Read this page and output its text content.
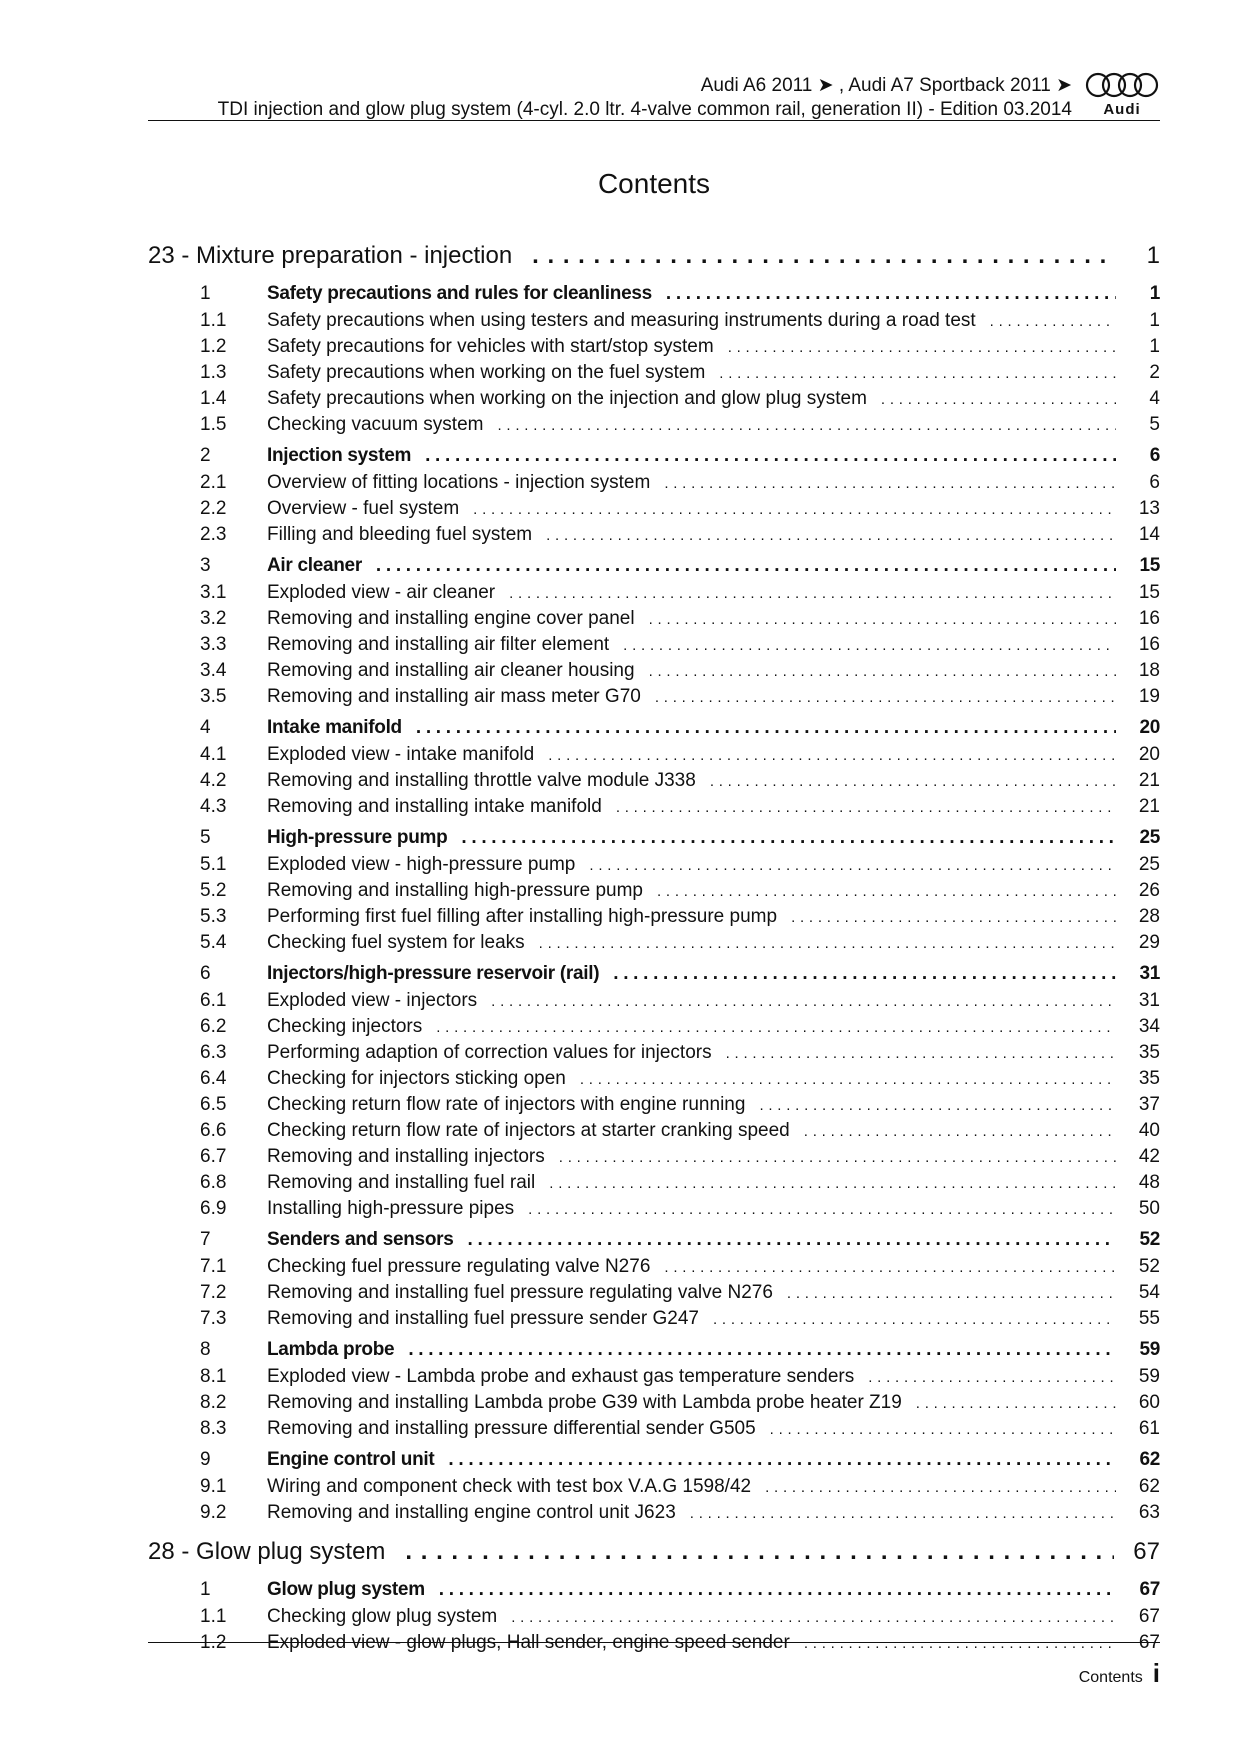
Audi A6 2011 ➤ , Audi A7 Sportback 2011 ➤
TDI injection and glow plug system (4-cyl. 2.0 ltr. 4-valve common rail, generation II) - Edition 03.2014	Audi
Contents
23 - Mixture preparation - injection . . .	1
1	Safety precautions and rules for cleanliness . . .	1
1.1	Safety precautions when using testers and measuring instruments during a road test . . .	1
1.2	Safety precautions for vehicles with start/stop system . . .	1
1.3	Safety precautions when working on the fuel system . . .	2
1.4	Safety precautions when working on the injection and glow plug system . . .	4
1.5	Checking vacuum system . . .	5
2	Injection system . . .	6
2.1	Overview of fitting locations - injection system . . .	6
2.2	Overview - fuel system . . .	13
2.3	Filling and bleeding fuel system . . .	14
3	Air cleaner . . .	15
3.1	Exploded view - air cleaner . . .	15
3.2	Removing and installing engine cover panel . . .	16
3.3	Removing and installing air filter element . . .	16
3.4	Removing and installing air cleaner housing . . .	18
3.5	Removing and installing air mass meter G70 . . .	19
4	Intake manifold . . .	20
4.1	Exploded view - intake manifold . . .	20
4.2	Removing and installing throttle valve module J338 . . .	21
4.3	Removing and installing intake manifold . . .	21
5	High-pressure pump . . .	25
5.1	Exploded view - high-pressure pump . . .	25
5.2	Removing and installing high-pressure pump . . .	26
5.3	Performing first fuel filling after installing high-pressure pump . . .	28
5.4	Checking fuel system for leaks . . .	29
6	Injectors/high-pressure reservoir (rail) . . .	31
6.1	Exploded view - injectors . . .	31
6.2	Checking injectors . . .	34
6.3	Performing adaption of correction values for injectors . . .	35
6.4	Checking for injectors sticking open . . .	35
6.5	Checking return flow rate of injectors with engine running . . .	37
6.6	Checking return flow rate of injectors at starter cranking speed . . .	40
6.7	Removing and installing injectors . . .	42
6.8	Removing and installing fuel rail . . .	48
6.9	Installing high-pressure pipes . . .	50
7	Senders and sensors . . .	52
7.1	Checking fuel pressure regulating valve N276 . . .	52
7.2	Removing and installing fuel pressure regulating valve N276 . . .	54
7.3	Removing and installing fuel pressure sender G247 . . .	55
8	Lambda probe . . .	59
8.1	Exploded view - Lambda probe and exhaust gas temperature senders . . .	59
8.2	Removing and installing Lambda probe G39 with Lambda probe heater Z19 . . .	60
8.3	Removing and installing pressure differential sender G505 . . .	61
9	Engine control unit . . .	62
9.1	Wiring and component check with test box V.A.G 1598/42 . . .	62
9.2	Removing and installing engine control unit J623 . . .	63
28 - Glow plug system . . .	67
1	Glow plug system . . .	67
1.1	Checking glow plug system . . .	67
1.2	Exploded view - glow plugs, Hall sender, engine speed sender . . .	67
Contents i
